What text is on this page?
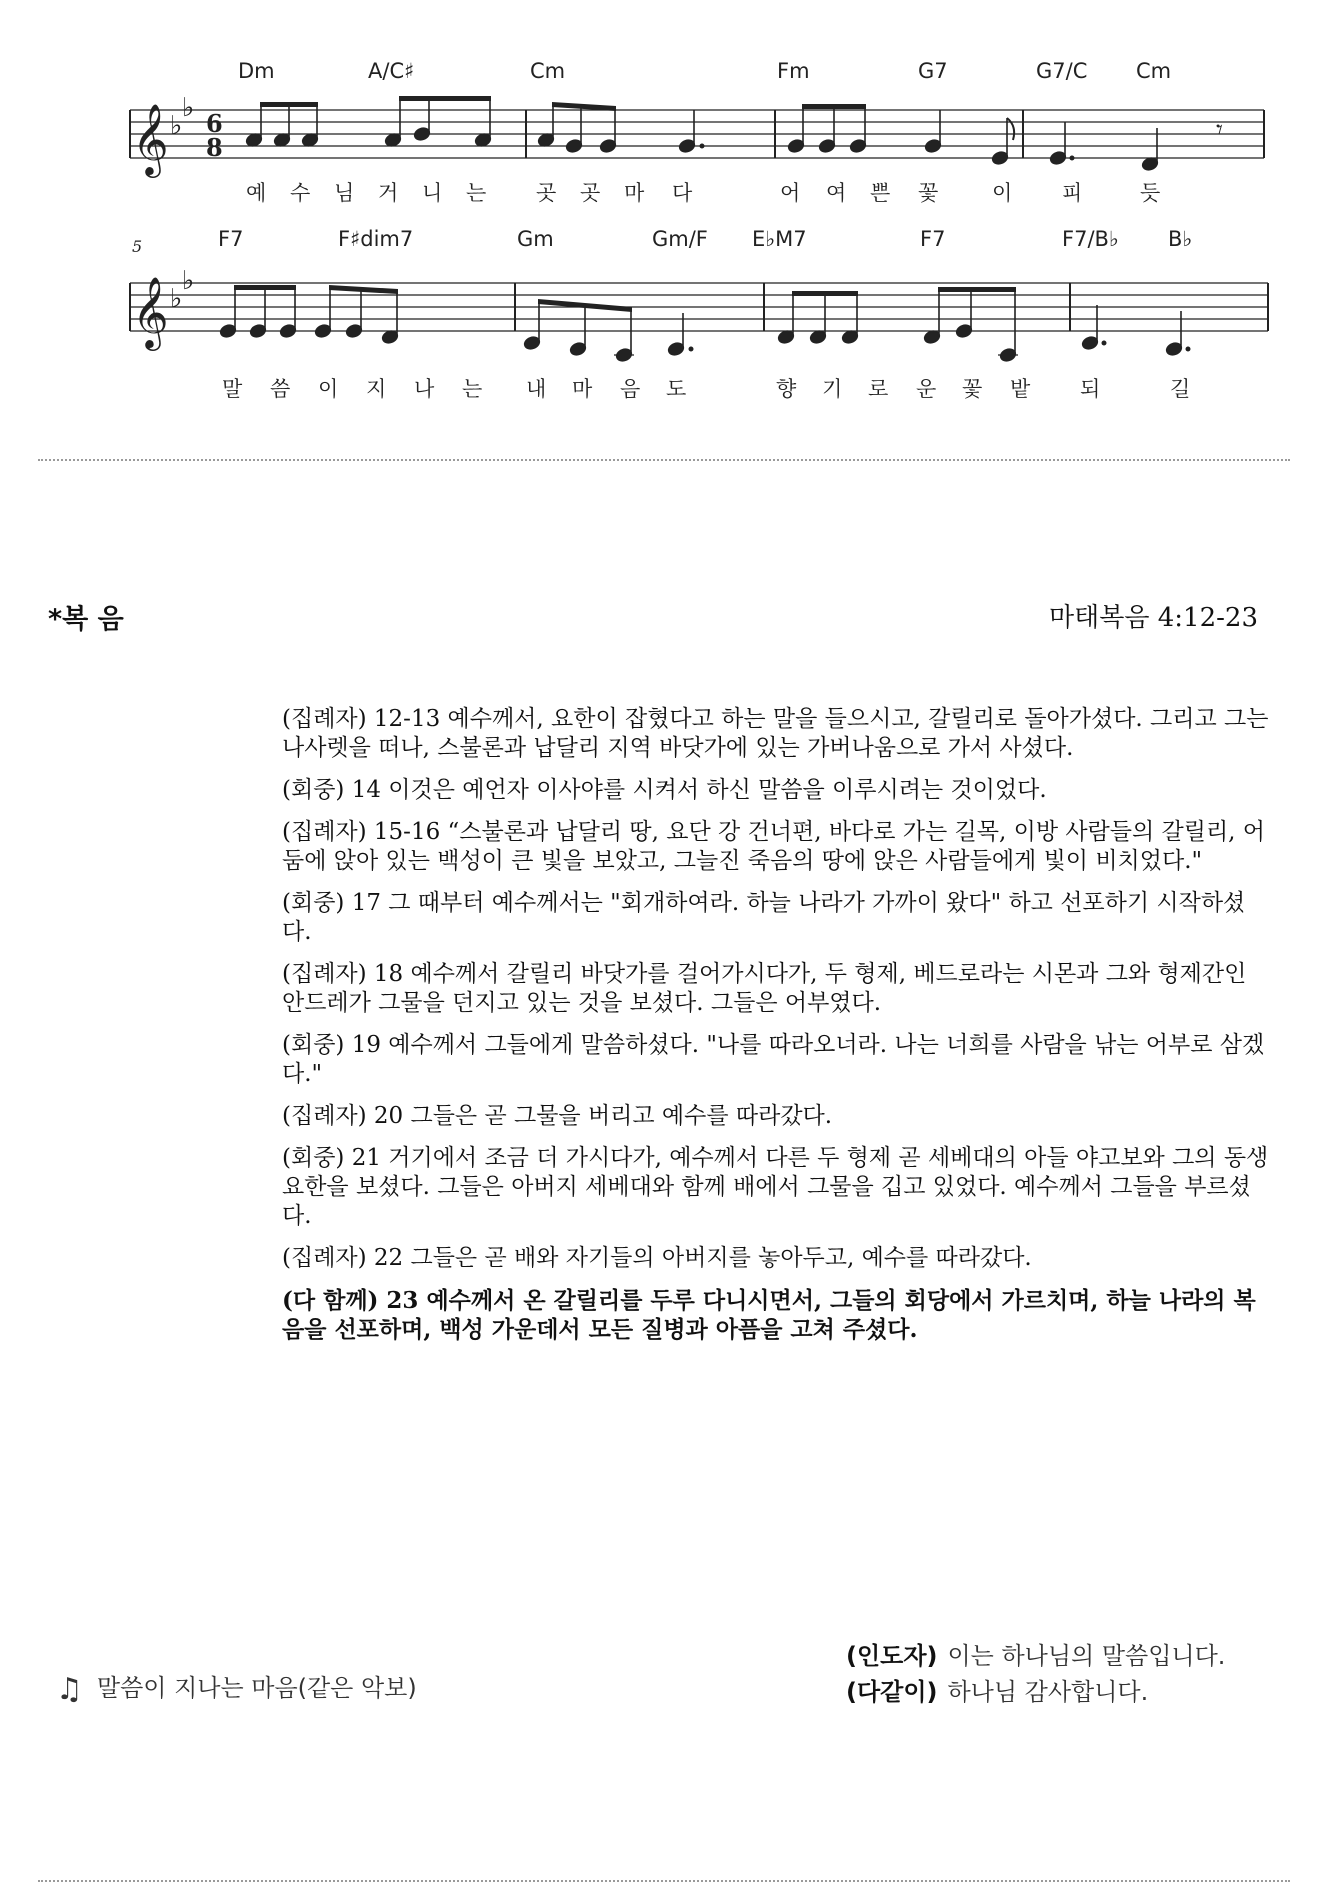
𝄞 ♭
♭
𝄞 ♭
♭
6
8
5
Dm	A/C♯	Cm	Fm	G7	G7/C Cm
F7	F♯dim7	Gm	Gm/F E♭M7	F7	F7/B♭ B♭
𝄾
예 수 님 거 니 는 곳 곳 마 다	어 여 쁜 꽃	이 피	듯
말 씀 이 지 나 는 내 마 음 도	향 기 로 운 꽃 밭 되	길
*복 음	마태복음 4:12-23

(집례자) 12-13 예수께서, 요한이 잡혔다고 하는 말을 들으시고, 갈릴리로 돌아가셨다. 그리고 그는 나사렛을 떠나, 스불론과 납달리 지역 바닷가에 있는 가버나움으로 가서 사셨다.

(회중) 14 이것은 예언자 이사야를 시켜서 하신 말씀을 이루시려는 것이었다.

(집례자) 15-16 “스불론과 납달리 땅, 요단 강 건너편, 바다로 가는 길목, 이방 사람들의 갈릴리, 어둠에 앉아 있는 백성이 큰 빛을 보았고, 그늘진 죽음의 땅에 앉은 사람들에게 빛이 비치었다."

(회중) 17 그 때부터 예수께서는 "회개하여라. 하늘 나라가 가까이 왔다" 하고 선포하기 시작하셨다.

(집례자) 18 예수께서 갈릴리 바닷가를 걸어가시다가, 두 형제, 베드로라는 시몬과 그와 형제간인 안드레가 그물을 던지고 있는 것을 보셨다. 그들은 어부였다.

(회중) 19 예수께서 그들에게 말씀하셨다. "나를 따라오너라. 나는 너희를 사람을 낚는 어부로 삼겠다."

(집례자) 20 그들은 곧 그물을 버리고 예수를 따라갔다.

(회중) 21 거기에서 조금 더 가시다가, 예수께서 다른 두 형제 곧 세베대의 아들 야고보와 그의 동생 요한을 보셨다. 그들은 아버지 세베대와 함께 배에서 그물을 깁고 있었다. 예수께서 그들을 부르셨다.

(집례자) 22 그들은 곧 배와 자기들의 아버지를 놓아두고, 예수를 따라갔다.

(다 함께) 23 예수께서 온 갈릴리를 두루 다니시면서, 그들의 회당에서 가르치며, 하늘 나라의 복음을 선포하며, 백성 가운데서 모든 질병과 아픔을 고쳐 주셨다.

♫ 말씀이 지나는 마음(같은 악보)
(인도자) 이는 하나님의 말씀입니다.
(다같이) 하나님 감사합니다.
